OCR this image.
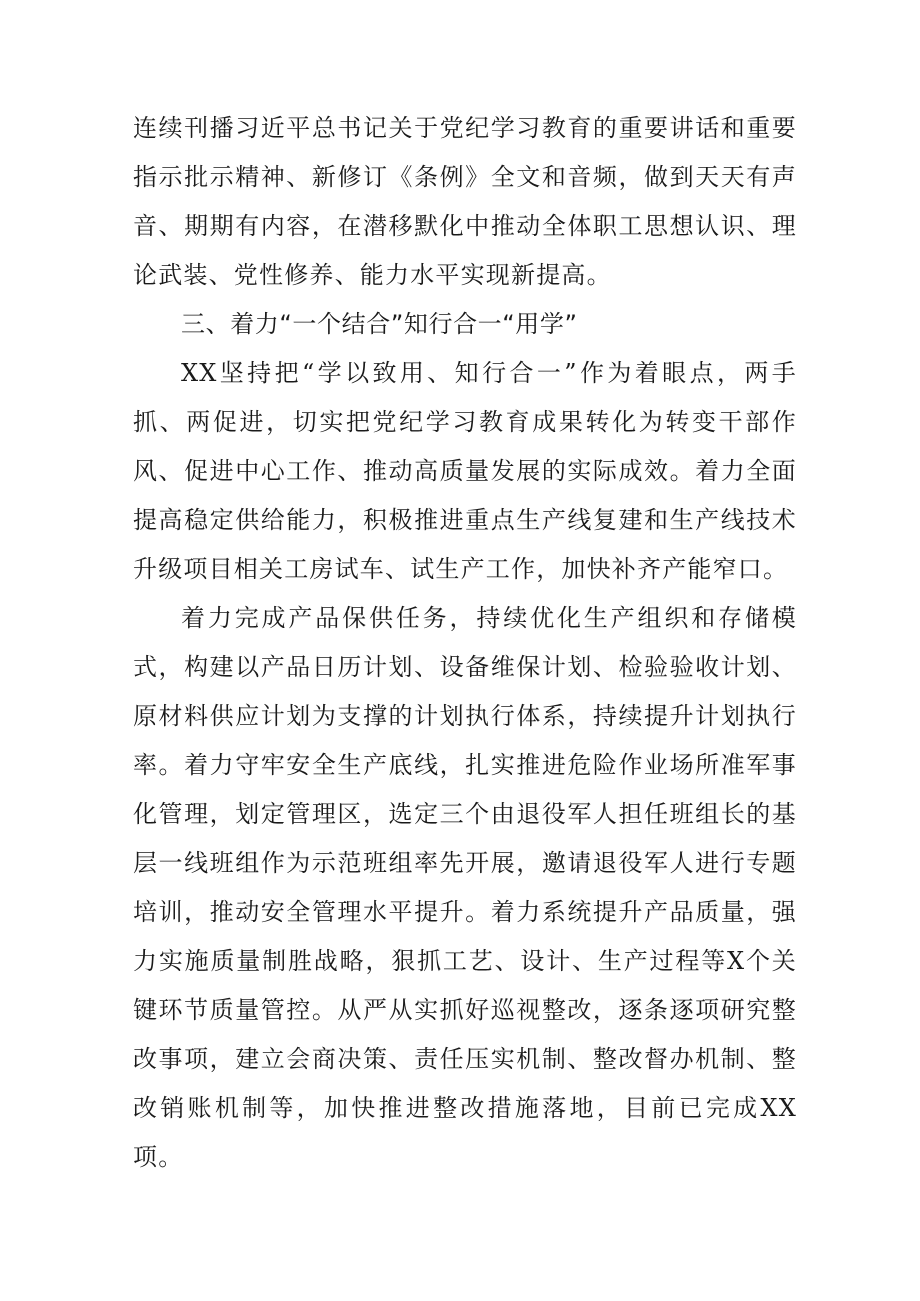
连续刊播习近平总书记关于党纪学习教育的重要讲话和重要指示批示精神、新修订《条例》全文和音频，做到天天有声音、期期有内容，在潜移默化中推动全体职工思想认识、理论武装、党性修养、能力水平实现新提高。

三、着力“一个结合”知行合一“用学”

XX坚持把“学以致用、知行合一”作为着眼点，两手抓、两促进，切实把党纪学习教育成果转化为转变干部作风、促进中心工作、推动高质量发展的实际成效。着力全面提高稳定供给能力，积极推进重点生产线复建和生产线技术升级项目相关工房试车、试生产工作，加快补齐产能窄口。

着力完成产品保供任务，持续优化生产组织和存储模式，构建以产品日历计划、设备维保计划、检验验收计划、原材料供应计划为支撑的计划执行体系，持续提升计划执行率。着力守牢安全生产底线，扎实推进危险作业场所准军事化管理，划定管理区，选定三个由退役军人担任班组长的基层一线班组作为示范班组率先开展，邀请退役军人进行专题培训，推动安全管理水平提升。着力系统提升产品质量，强力实施质量制胜战略，狠抓工艺、设计、生产过程等X个关键环节质量管控。从严从实抓好巡视整改，逐条逐项研究整改事项，建立会商决策、责任压实机制、整改督办机制、整改销账机制等，加快推进整改措施落地，目前已完成XX项。
